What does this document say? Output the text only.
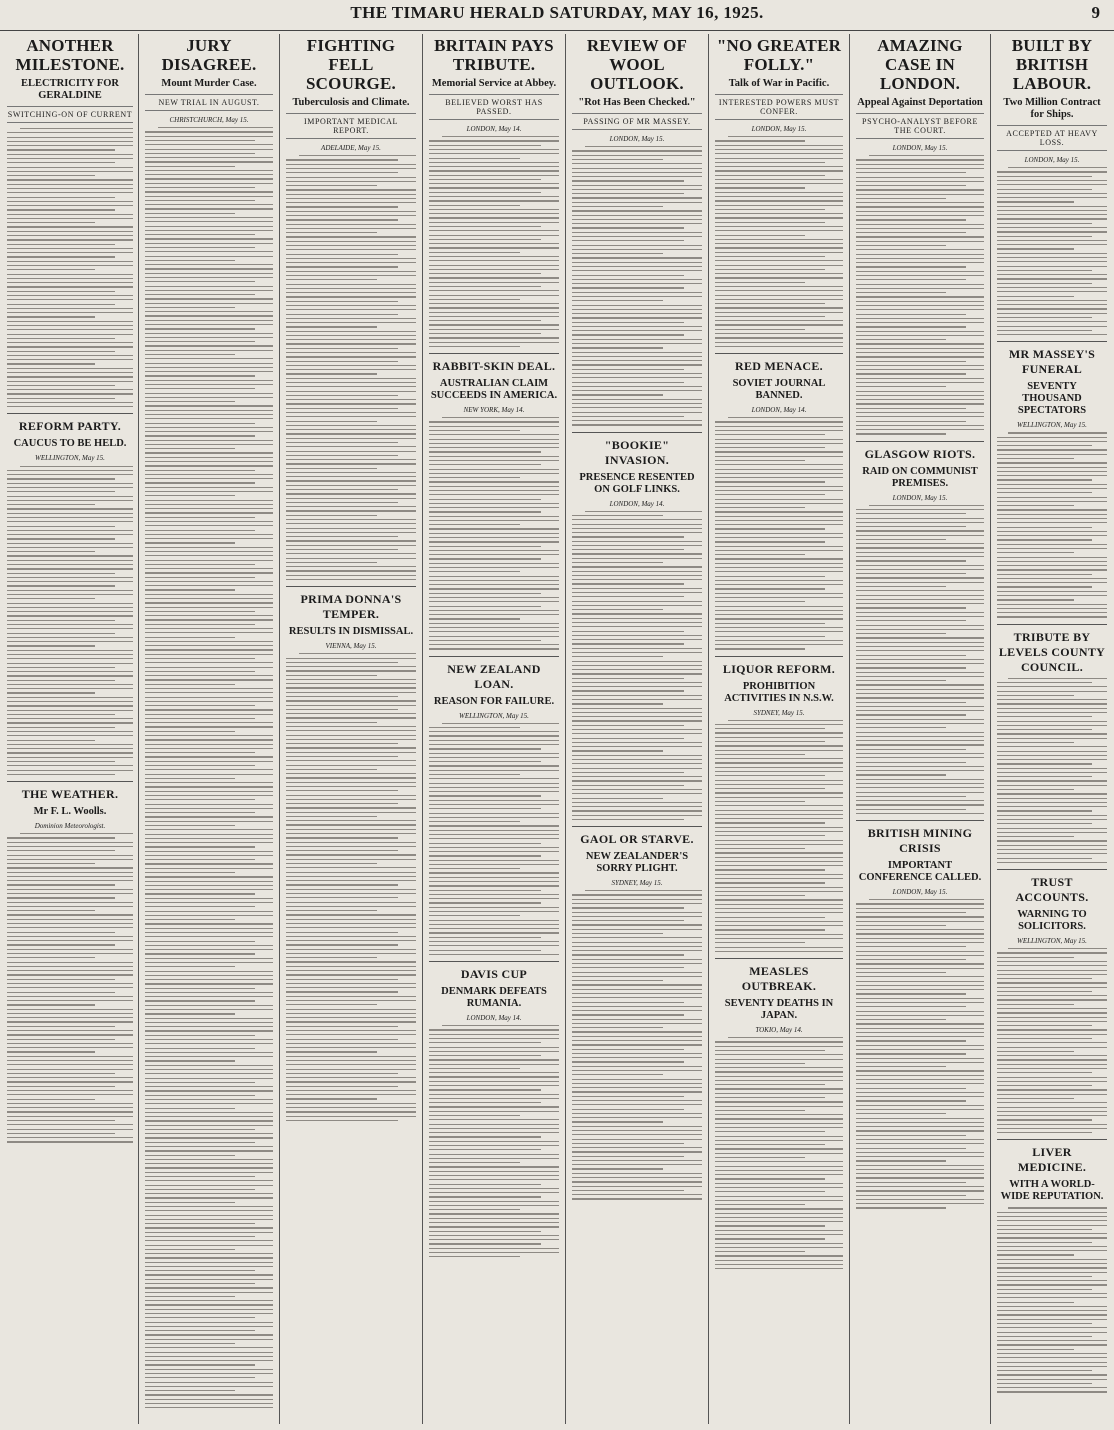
THE TIMARU HERALD SATURDAY, MAY 16, 1925.	9
ANOTHER MILESTONE.
ELECTRICITY FOR GERALDINE
SWITCHING-ON OF CURRENT
REFORM PARTY.
CAUCUS TO BE HELD.
WELLINGTON, May 15.
THE WEATHER.
Mr F. L. Woolls.
Dominion Meteorologist.
JURY DISAGREE.
Mount Murder Case.
NEW TRIAL IN AUGUST.
CHRISTCHURCH, May 15.
FIGHTING FELL SCOURGE.
Tuberculosis and Climate.
IMPORTANT MEDICAL REPORT.
ADELAIDE, May 15.
PRIMA DONNA'S TEMPER.
RESULTS IN DISMISSAL.
VIENNA, May 15.
BRITAIN PAYS TRIBUTE.
Memorial Service at Abbey.
BELIEVED WORST HAS PASSED.
LONDON, May 14.
RABBIT-SKIN DEAL.
AUSTRALIAN CLAIM SUCCEEDS IN AMERICA.
NEW YORK, May 14.
NEW ZEALAND LOAN.
REASON FOR FAILURE.
WELLINGTON, May 15.
DAVIS CUP
DENMARK DEFEATS RUMANIA.
LONDON, May 14.
REVIEW OF WOOL OUTLOOK.
"Rot Has Been Checked."
PASSING OF MR MASSEY.
LONDON, May 15.
"BOOKIE" INVASION.
PRESENCE RESENTED ON GOLF LINKS.
LONDON, May 14.
GAOL OR STARVE.
NEW ZEALANDER'S SORRY PLIGHT.
SYDNEY, May 15.
"NO GREATER FOLLY."
Talk of War in Pacific.
INTERESTED POWERS MUST CONFER.
LONDON, May 15.
RED MENACE.
SOVIET JOURNAL BANNED.
LONDON, May 14.
LIQUOR REFORM.
PROHIBITION ACTIVITIES IN N.S.W.
SYDNEY, May 15.
MEASLES OUTBREAK.
SEVENTY DEATHS IN JAPAN.
TOKIO, May 14.
AMAZING CASE IN LONDON.
Appeal Against Deportation
PSYCHO-ANALYST BEFORE THE COURT.
LONDON, May 15.
GLASGOW RIOTS.
RAID ON COMMUNIST PREMISES.
LONDON, May 15.
BRITISH MINING CRISIS
IMPORTANT CONFERENCE CALLED.
LONDON, May 15.
BUILT BY BRITISH LABOUR.
Two Million Contract for Ships.
ACCEPTED AT HEAVY LOSS.
LONDON, May 15.
MR MASSEY'S FUNERAL
SEVENTY THOUSAND SPECTATORS
WELLINGTON, May 15.
TRIBUTE BY LEVELS COUNTY COUNCIL.
TRUST ACCOUNTS.
WARNING TO SOLICITORS.
WELLINGTON, May 15.
LIVER MEDICINE.
WITH A WORLD-WIDE REPUTATION.
